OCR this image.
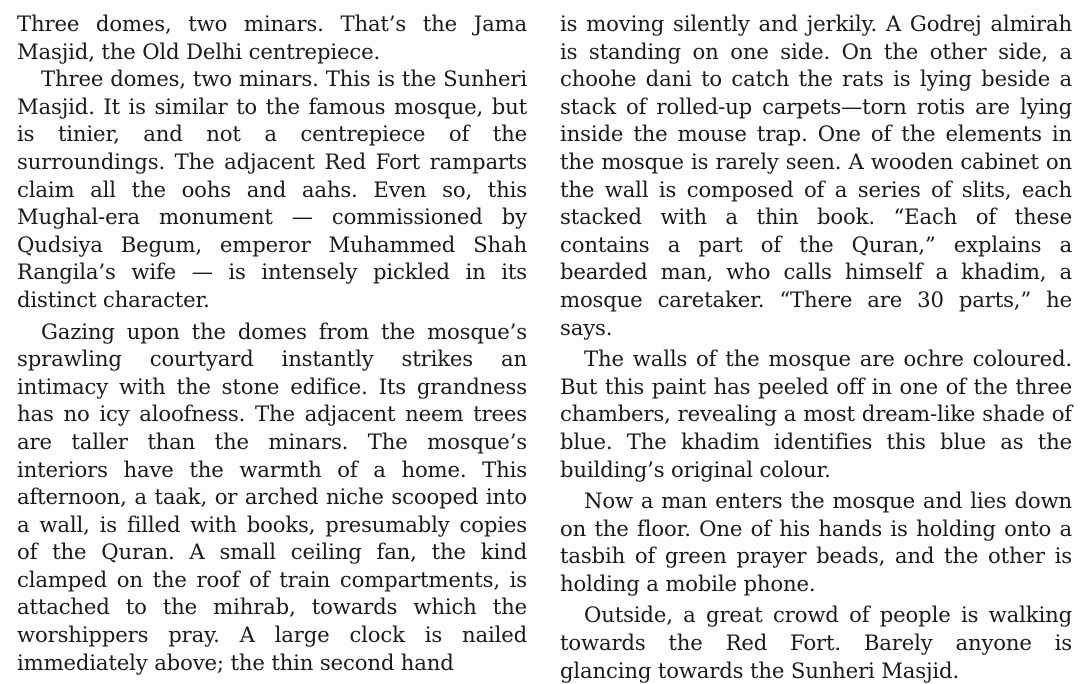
Three domes, two minars. That’s the Jama Masjid, the Old Delhi centrepiece.

Three domes, two minars. This is the Sunheri Masjid. It is similar to the famous mosque, but is tinier, and not a centrepiece of the surroundings. The adjacent Red Fort ramparts claim all the oohs and aahs. Even so, this Mughal-era monument — commissioned by Qudsiya Begum, emperor Muhammed Shah Rangila’s wife — is intensely pickled in its distinct character.

Gazing upon the domes from the mosque’s sprawling courtyard instantly strikes an intimacy with the stone edifice. Its grandness has no icy aloofness. The adjacent neem trees are taller than the minars. The mosque’s interiors have the warmth of a home. This afternoon, a taak, or arched niche scooped into a wall, is filled with books, presumably copies of the Quran. A small ceiling fan, the kind clamped on the roof of train compartments, is attached to the mihrab, towards which the worshippers pray. A large clock is nailed immediately above; the thin second hand

is moving silently and jerkily. A Godrej almirah is standing on one side. On the other side, a choohe dani to catch the rats is lying beside a stack of rolled-up carpets—torn rotis are lying inside the mouse trap. One of the elements in the mosque is rarely seen. A wooden cabinet on the wall is composed of a series of slits, each stacked with a thin book. “Each of these contains a part of the Quran,” explains a bearded man, who calls himself a khadim, a mosque caretaker. “There are 30 parts,” he says.

The walls of the mosque are ochre coloured. But this paint has peeled off in one of the three chambers, revealing a most dream-like shade of blue. The khadim identifies this blue as the building’s original colour.

Now a man enters the mosque and lies down on the floor. One of his hands is holding onto a tasbih of green prayer beads, and the other is holding a mobile phone.

Outside, a great crowd of people is walking towards the Red Fort. Barely anyone is glancing towards the Sunheri Masjid.
